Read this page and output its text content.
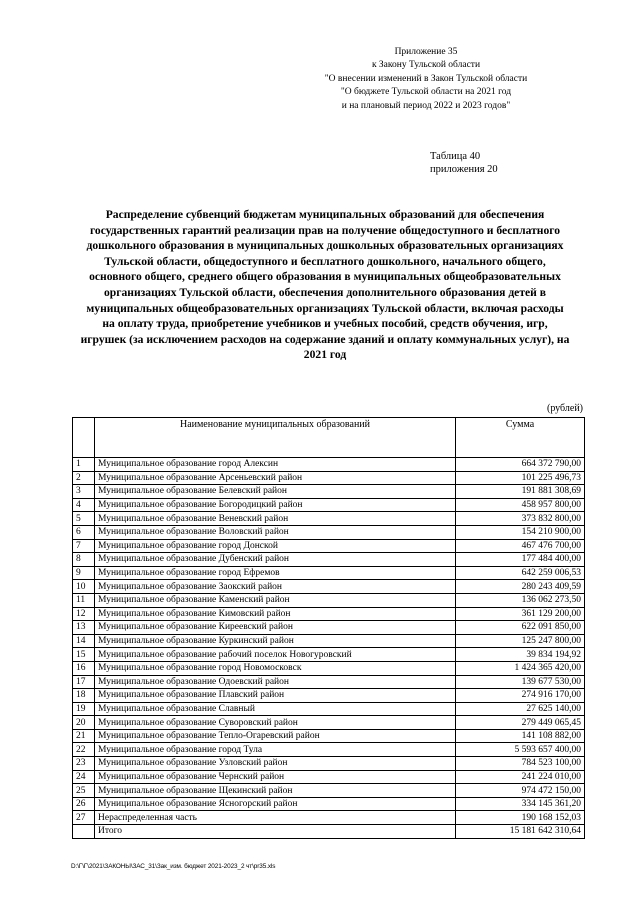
Приложение 35
к Закону Тульской области
"О внесении изменений в Закон Тульской области
"О бюджете Тульской области на 2021 год
и на плановый период 2022 и 2023 годов"
Таблица 40
приложения 20
Распределение субвенций бюджетам муниципальных образований для обеспечения государственных гарантий реализации прав на получение общедоступного и бесплатного дошкольного образования в муниципальных дошкольных образовательных организациях Тульской области, общедоступного и бесплатного дошкольного, начального общего, основного общего, среднего общего образования в муниципальных общеобразовательных организациях Тульской области, обеспечения дополнительного образования детей в муниципальных общеобразовательных организациях Тульской области, включая расходы на оплату труда, приобретение учебников и учебных пособий, средств обучения, игр, игрушек (за исключением расходов на содержание зданий и оплату коммунальных услуг), на 2021 год
(рублей)
	Наименование муниципальных образований	Сумма
1	Муниципальное образование город Алексин	664 372 790,00
2	Муниципальное образование Арсеньевский район	101 225 496,73
3	Муниципальное образование Белевский район	191 881 308,69
4	Муниципальное образование Богородицкий район	458 957 800,00
5	Муниципальное образование Веневский район	373 832 800,00
6	Муниципальное образование Воловский район	154 210 900,00
7	Муниципальное образование город Донской	467 476 700,00
8	Муниципальное образование Дубенский район	177 484 400,00
9	Муниципальное образование город Ефремов	642 259 006,53
10	Муниципальное образование Заокский район	280 243 409,59
11	Муниципальное образование Каменский район	136 062 273,50
12	Муниципальное образование Кимовский район	361 129 200,00
13	Муниципальное образование Киреевский район	622 091 850,00
14	Муниципальное образование Куркинский район	125 247 800,00
15	Муниципальное образование рабочий поселок Новогуровский	39 834 194,92
16	Муниципальное образование город Новомосковск	1 424 365 420,00
17	Муниципальное образование Одоевский район	139 677 530,00
18	Муниципальное образование Плавский район	274 916 170,00
19	Муниципальное образование Славный	27 625 140,00
20	Муниципальное образование Суворовский район	279 449 065,45
21	Муниципальное образование Тепло-Огаревский район	141 108 882,00
22	Муниципальное образование город Тула	5 593 657 400,00
23	Муниципальное образование Узловский район	784 523 100,00
24	Муниципальное образование Чернский район	241 224 010,00
25	Муниципальное образование Щекинский район	974 472 150,00
26	Муниципальное образование Ясногорский район	334 145 361,20
27	Нераспределенная часть	190 168 152,03
	Итого	15 181 642 310,64
D:\Г\Г\2021\ЗАКОНЫ\ЗАС_31\Зак_изм. бюджет 2021-2023_2 чт\pr35.xls
